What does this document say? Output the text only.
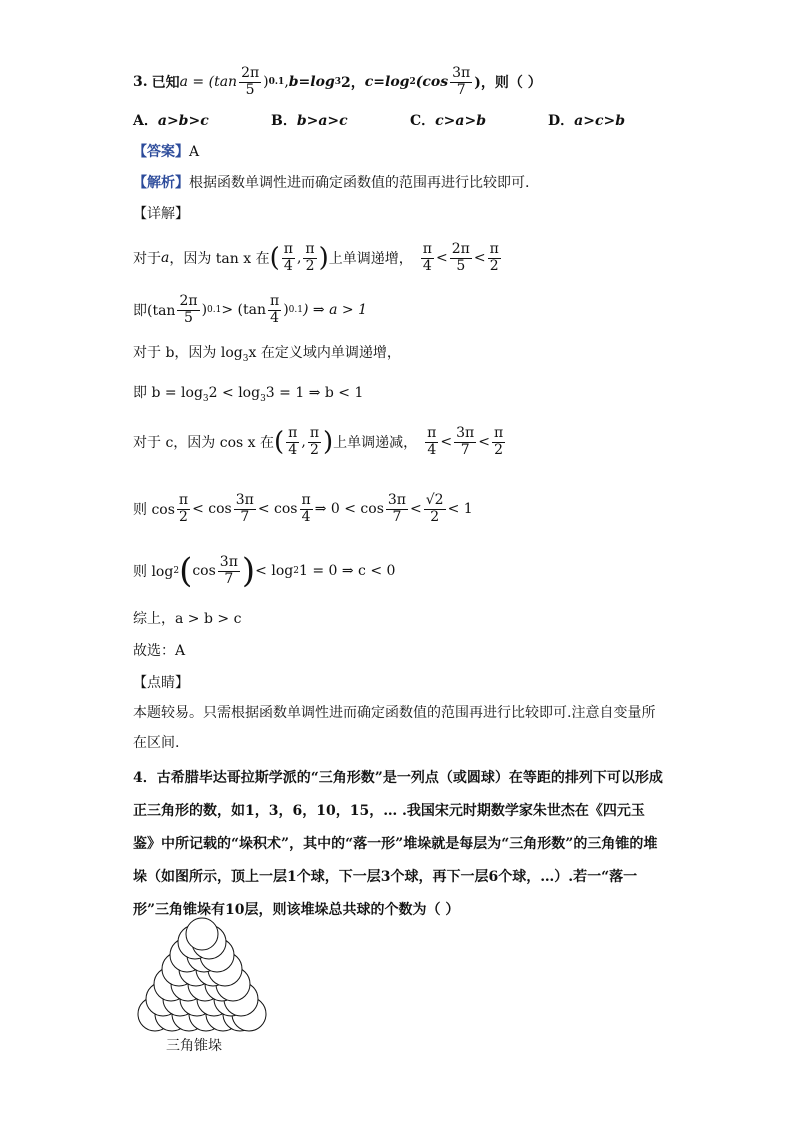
3. 已知 $a = (\tan \frac{2\pi}{5}$ ) 0.1 , b=log 3 2， c=log 2 ($\cos \frac{3\pi}{7}$ )，则（ ）
A．a>b>c	B．b>a>c	C．c>a>b	D．a>c>b
【答案】A
【解析】根据函数单调性进而确定函数值的范围再进行比较即可.
【详解】
对于 a ，因为 tan x 在 ( $\frac{\pi}{4}$ , $\frac{\pi}{2}$ ) 上单调递增， $\frac{\pi}{4} < \frac{2\pi}{5} < \frac{\pi}{2}$
即($\tan \frac{2\pi}{5}$ ) $0.1 > (\tan \frac{\pi}{4}$ ) 0.1 ) ⇒ a > 1
对于 b，因为 $\log_3x$ 在定义域内单调递增，
即 $b = \log_32 < \log_33 = 1$ ⇒ b < 1
对于 c，因为 cos x 在 ( $\frac{\pi}{4}$ , $\frac{\pi}{2}$ ) 上单调递减， $\frac{\pi}{4} < \frac{3\pi}{7} < \frac{\pi}{2}$
则 $\cos \frac{\pi}{2} < \cos \frac{3\pi}{7} < \cos \frac{\pi}{4}$ ⇒ $0 < \cos \frac{3\pi}{7} < \frac{√2}{2} < 1$
则 log 2 ( $\cos \frac{3\pi}{7}$ ) < log 2 1 = 0 ⇒ c < 0
综上，a > b > c
故选：A
【点睛】
本题较易。只需根据函数单调性进而确定函数值的范围再进行比较即可.注意自变量所在区间.
4．古希腊毕达哥拉斯学派的“三角形数”是一列点（或圆球）在等距的排列下可以形成正三角形的数，如1，3，6，10，15，… .我国宋元时期数学家朱世杰在《四元玉鉴》中所记载的“垛积术”，其中的“落一形”堆垛就是每层为“三角形数”的三角锥的堆垛（如图所示，顶上一层1个球，下一层3个球，再下一层6个球，…）.若一“落一形”三角锥垛有10层，则该堆垛总共球的个数为（ ）
三角锥垛
